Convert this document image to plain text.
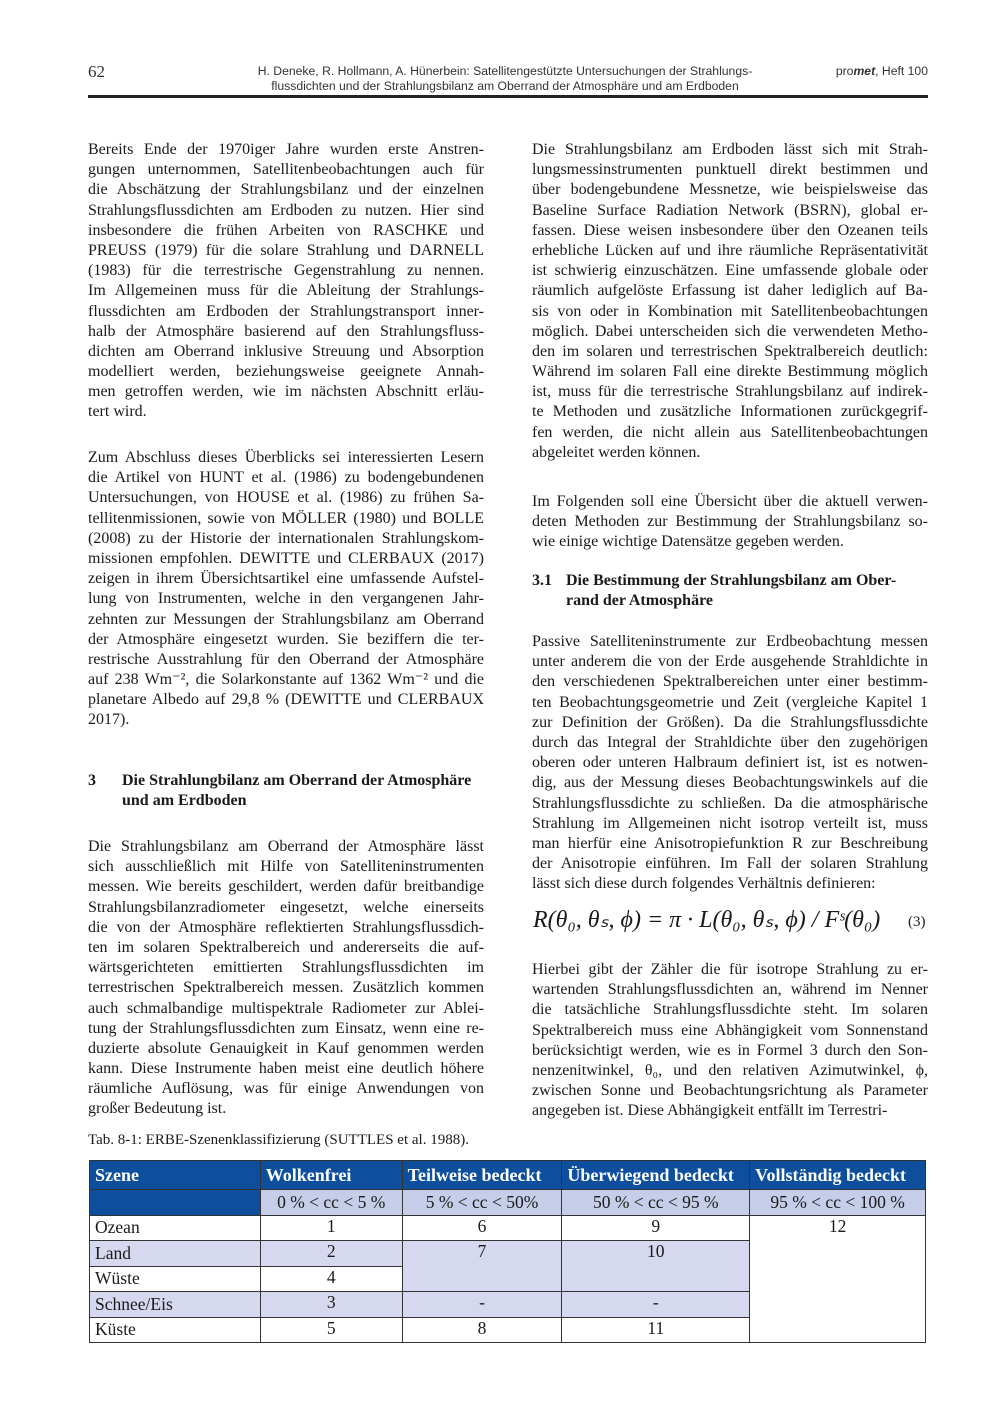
62	H. Deneke, R. Hollmann, A. Hünerbein: Satellitengestützte Untersuchungen der Strahlungs-
flussdichten und der Strahlungsbilanz am Oberrand der Atmosphäre und am Erdboden
promet, Heft 100
Bereits Ende der 1970iger Jahre wurden erste Anstren-
gungen unternommen, Satellitenbeobachtungen auch für
die Abschätzung der Strahlungsbilanz und der einzelnen
Strahlungsflussdichten am Erdboden zu nutzen. Hier sind
insbesondere die frühen Arbeiten von RASCHKE und
PREUSS (1979) für die solare Strahlung und DARNELL
(1983) für die terrestrische Gegenstrahlung zu nennen.
Im Allgemeinen muss für die Ableitung der Strahlungs-
flussdichten am Erdboden der Strahlungstransport inner-
halb der Atmosphäre basierend auf den Strahlungsfluss-
dichten am Oberrand inklusive Streuung und Absorption
modelliert werden, beziehungsweise geeignete Annah-
men getroffen werden, wie im nächsten Abschnitt erläu-
tert wird.
Zum Abschluss dieses Überblicks sei interessierten Lesern
die Artikel von HUNT et al. (1986) zu bodengebundenen
Untersuchungen, von HOUSE et al. (1986) zu frühen Sa-
tellitenmissionen, sowie von MÖLLER (1980) und BOLLE
(2008) zu der Historie der internationalen Strahlungskom-
missionen empfohlen. DEWITTE und CLERBAUX (2017)
zeigen in ihrem Übersichtsartikel eine umfassende Aufstel-
lung von Instrumenten, welche in den vergangenen Jahr-
zehnten zur Messungen der Strahlungsbilanz am Oberrand
der Atmosphäre eingesetzt wurden. Sie beziffern die ter-
restrische Ausstrahlung für den Oberrand der Atmosphäre
auf 238 Wm⁻², die Solarkonstante auf 1362 Wm⁻² und die
planetare Albedo auf 29,8 % (DEWITTE und CLERBAUX
2017).
3 Die Strahlungbilanz am Oberrand der Atmosphäre
und am Erdboden
Die Strahlungsbilanz am Oberrand der Atmosphäre lässt
sich ausschließlich mit Hilfe von Satelliteninstrumenten
messen. Wie bereits geschildert, werden dafür breitbandige
Strahlungsbilanzradiometer eingesetzt, welche einerseits
die von der Atmosphäre reflektierten Strahlungsflussdich-
ten im solaren Spektralbereich und andererseits die auf-
wärtsgerichteten emittierten Strahlungsflussdichten im
terrestrischen Spektralbereich messen. Zusätzlich kommen
auch schmalbandige multispektrale Radiometer zur Ablei-
tung der Strahlungsflussdichten zum Einsatz, wenn eine re-
duzierte absolute Genauigkeit in Kauf genommen werden
kann. Diese Instrumente haben meist eine deutlich höhere
räumliche Auflösung, was für einige Anwendungen von
großer Bedeutung ist.
Die Strahlungsbilanz am Erdboden lässt sich mit Strah-
lungsmessinstrumenten punktuell direkt bestimmen und
über bodengebundene Messnetze, wie beispielsweise das
Baseline Surface Radiation Network (BSRN), global er-
fassen. Diese weisen insbesondere über den Ozeanen teils
erhebliche Lücken auf und ihre räumliche Repräsentativität
ist schwierig einzuschätzen. Eine umfassende globale oder
räumlich aufgelöste Erfassung ist daher lediglich auf Ba-
sis von oder in Kombination mit Satellitenbeobachtungen
möglich. Dabei unterscheiden sich die verwendeten Metho-
den im solaren und terrestrischen Spektralbereich deutlich:
Während im solaren Fall eine direkte Bestimmung möglich
ist, muss für die terrestrische Strahlungsbilanz auf indirek-
te Methoden und zusätzliche Informationen zurückgegrif-
fen werden, die nicht allein aus Satellitenbeobachtungen
abgeleitet werden können.
Im Folgenden soll eine Übersicht über die aktuell verwen-
deten Methoden zur Bestimmung der Strahlungsbilanz so-
wie einige wichtige Datensätze gegeben werden.
3.1 Die Bestimmung der Strahlungsbilanz am Ober-
rand der Atmosphäre
Passive Satelliteninstrumente zur Erdbeobachtung messen
unter anderem die von der Erde ausgehende Strahldichte in
den verschiedenen Spektralbereichen unter einer bestimm-
ten Beobachtungsgeometrie und Zeit (vergleiche Kapitel 1
zur Definition der Größen). Da die Strahlungsflussdichte
durch das Integral der Strahldichte über den zugehörigen
oberen oder unteren Halbraum definiert ist, ist es notwen-
dig, aus der Messung dieses Beobachtungswinkels auf die
Strahlungsflussdichte zu schließen. Da die atmosphärische
Strahlung im Allgemeinen nicht isotrop verteilt ist, muss
man hierfür eine Anisotropiefunktion R zur Beschreibung
der Anisotropie einführen. Im Fall der solaren Strahlung
lässt sich diese durch folgendes Verhältnis definieren:
R(θ₀, θₛ, ϕ) = π · L(θ₀, θₛ, ϕ) / Fˢ(θ₀) (3)
Hierbei gibt der Zähler die für isotrope Strahlung zu er-
wartenden Strahlungsflussdichten an, während im Nenner
die tatsächliche Strahlungsflussdichte steht. Im solaren
Spektralbereich muss eine Abhängigkeit vom Sonnenstand
berücksichtigt werden, wie es in Formel 3 durch den Son-
nenzenitwinkel, θ₀, und den relativen Azimutwinkel, ϕ,
zwischen Sonne und Beobachtungsrichtung als Parameter
angegeben ist. Diese Abhängigkeit entfällt im Terrestri-
Tab. 8-1: ERBE-Szenenklassifizierung (SUTTLES et al. 1988).
Szene	Wolkenfrei	Teilweise bedeckt	Überwiegend bedeckt	Vollständig bedeckt
	0 % < cc < 5 %	5 % < cc < 50%	50 % < cc < 95 %	95 % < cc < 100 %
Ozean	1	6	9	12
Land	2	7	10	
Wüste	4			
Schnee/Eis	3	-	-	
Küste	5	8	11	
